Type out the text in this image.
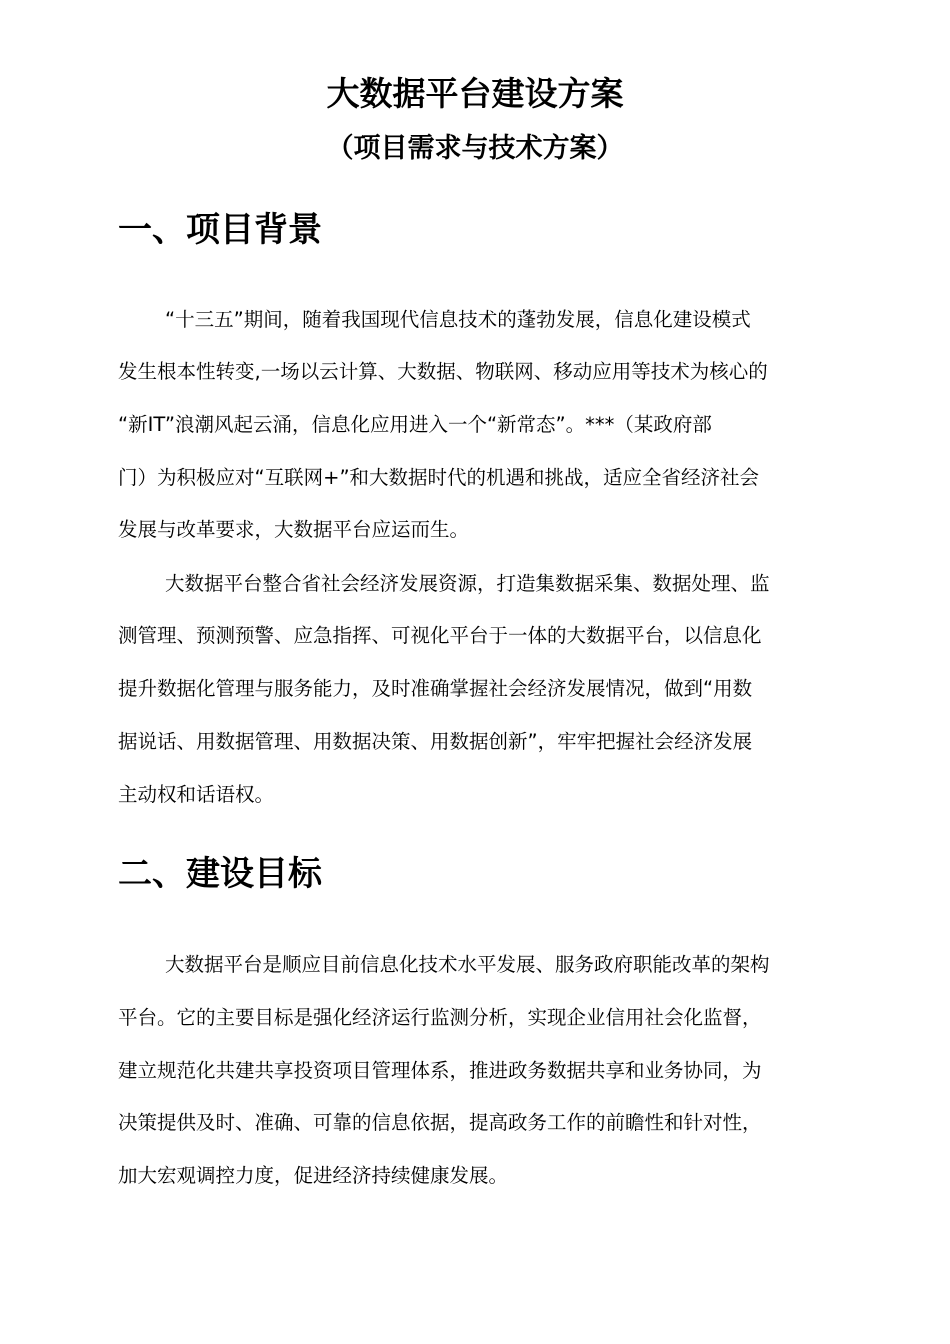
大数据平台建设方案
（项目需求与技术方案）
一、项目背景

“十三五”期间，随着我国现代信息技术的蓬勃发展，信息化建设模式

发生根本性转变,一场以云计算、大数据、物联网、移动应用等技术为核心的

“新IT”浪潮风起云涌，信息化应用进入一个“新常态”。***（某政府部

门）为积极应对“互联网+”和大数据时代的机遇和挑战，适应全省经济社会

发展与改革要求，大数据平台应运而生。

大数据平台整合省社会经济发展资源，打造集数据采集、数据处理、监

测管理、预测预警、应急指挥、可视化平台于一体的大数据平台，以信息化

提升数据化管理与服务能力，及时准确掌握社会经济发展情况，做到“用数

据说话、用数据管理、用数据决策、用数据创新”，牢牢把握社会经济发展

主动权和话语权。

二、建设目标

大数据平台是顺应目前信息化技术水平发展、服务政府职能改革的架构

平台。它的主要目标是强化经济运行监测分析，实现企业信用社会化监督，

建立规范化共建共享投资项目管理体系，推进政务数据共享和业务协同，为

决策提供及时、准确、可靠的信息依据，提高政务工作的前瞻性和针对性，

加大宏观调控力度，促进经济持续健康发展。
